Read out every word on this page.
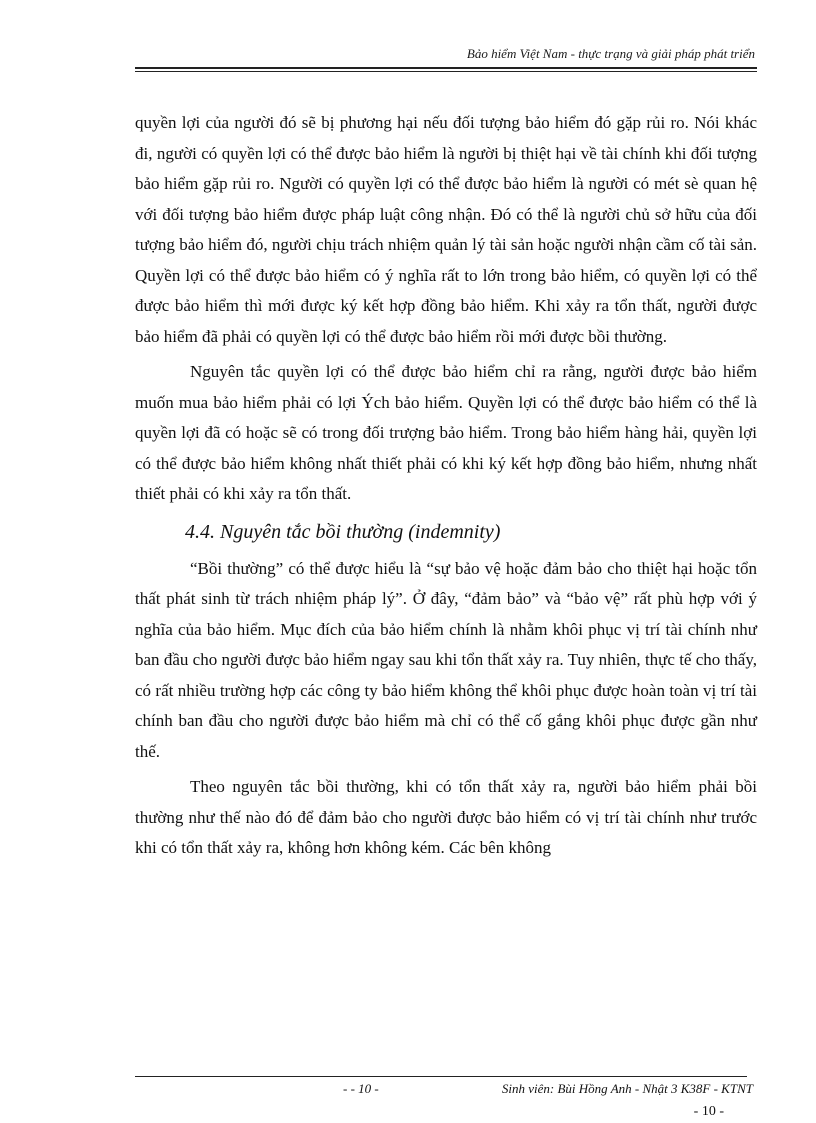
Bảo hiểm Việt Nam - thực trạng và giải pháp phát triển

quyền lợi của người đó sẽ bị phương hại nếu đối tượng bảo hiểm đó gặp rủi ro. Nói khác đi, người có quyền lợi có thể được bảo hiểm là người bị thiệt hại về tài chính khi đối tượng bảo hiểm gặp rủi ro. Người có quyền lợi có thể được bảo hiểm là người có mét sè quan hệ với đối tượng bảo hiểm được pháp luật công nhận. Đó có thể là người chủ sở hữu của đối tượng bảo hiểm đó, người chịu trách nhiệm quản lý tài sản hoặc người nhận cầm cố tài sản. Quyền lợi có thể được bảo hiểm có ý nghĩa rất to lớn trong bảo hiểm, có quyền lợi có thể được bảo hiểm thì mới được ký kết hợp đồng bảo hiểm. Khi xảy ra tổn thất, người được bảo hiểm đã phải có quyền lợi có thể được bảo hiểm rồi mới được bồi thường.

Nguyên tắc quyền lợi có thể được bảo hiểm chỉ ra rằng, người được bảo hiểm muốn mua bảo hiểm phải có lợi Ých bảo hiểm. Quyền lợi có thể được bảo hiểm có thể là quyền lợi đã có hoặc sẽ có trong đối trượng bảo hiểm. Trong bảo hiểm hàng hải, quyền lợi có thể được bảo hiểm không nhất thiết phải có khi ký kết hợp đồng bảo hiểm, nhưng nhất thiết phải có khi xảy ra tổn thất.

4.4. Nguyên tắc bồi thường (indemnity)

“Bồi thường” có thể được hiểu là “sự bảo vệ hoặc đảm bảo cho thiệt hại hoặc tổn thất phát sinh từ trách nhiệm pháp lý”. Ở đây, “đảm bảo” và “bảo vệ” rất phù hợp với ý nghĩa của bảo hiểm. Mục đích của bảo hiểm chính là nhằm khôi phục vị trí tài chính như ban đầu cho người được bảo hiểm ngay sau khi tổn thất xảy ra. Tuy nhiên, thực tế cho thấy, có rất nhiều trường hợp các công ty bảo hiểm không thể khôi phục được hoàn toàn vị trí tài chính ban đầu cho người được bảo hiểm mà chỉ có thể cố gắng khôi phục được gần như thế.

Theo nguyên tắc bồi thường, khi có tổn thất xảy ra, người bảo hiểm phải bồi thường như thế nào đó để đảm bảo cho người được bảo hiểm có vị trí tài chính như trước khi có tổn thất xảy ra, không hơn không kém. Các bên không

- - 10 -	Sinh viên: Bùi Hồng Anh - Nhật 3 K38F - KTNT
- 10 -
